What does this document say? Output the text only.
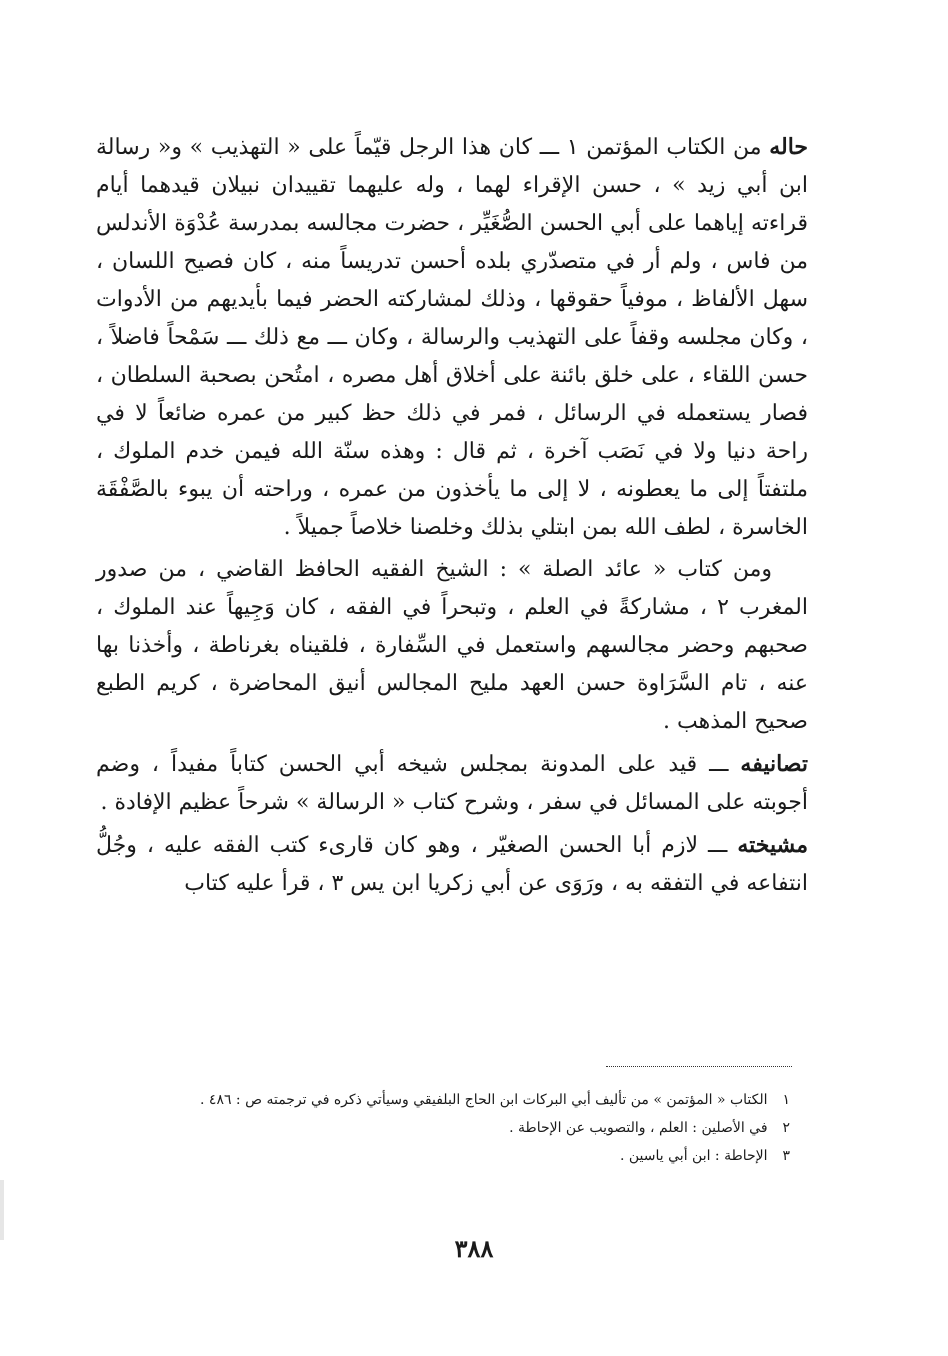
حاله من الكتاب المؤتمن ١ ـــ كان هذا الرجل قيّماً على « التهذيب » و« رسالة ابن أبي زيد » ، حسن الإقراء لهما ، وله عليهما تقييدان نبيلان قيدهما أيام قراءته إياهما على أبي الحسن الصُّغَيِّر ، حضرت مجالسه بمدرسة عُدْوَة الأندلس من فاس ، ولم أر في متصدّري بلده أحسن تدريساً منه ، كان فصيح اللسان ، سهل الألفاظ ، موفياً حقوقها ، وذلك لمشاركته الحضر فيما بأيديهم من الأدوات ، وكان مجلسه وقفاً على التهذيب والرسالة ، وكان ـــ مع ذلك ـــ سَمْحاً فاضلاً ، حسن اللقاء ، على خلق بائنة على أخلاق أهل مصره ، امتُحن بصحبة السلطان ، فصار يستعمله في الرسائل ، فمر في ذلك حظ كبير من عمره ضائعاً لا في راحة دنيا ولا في نَصَب آخرة ، ثم قال : وهذه سنّة الله فيمن خدم الملوك ، ملتفتاً إلى ما يعطونه ، لا إلى ما يأخذون من عمره ، وراحته أن يبوء بالصَّفْقَة الخاسرة ، لطف الله بمن ابتلي بذلك وخلصنا خلاصاً جميلاً .

ومن كتاب « عائد الصلة » : الشيخ الفقيه الحافظ القاضي ، من صدور المغرب ٢ ، مشاركةً في العلم ، وتبحراً في الفقه ، كان وَجِيهاً عند الملوك ، صحبهم وحضر مجالسهم واستعمل في السِّفارة ، فلقيناه بغرناطة ، وأخذنا بها عنه ، تام السَّرَاوة حسن العهد مليح المجالس أنيق المحاضرة ، كريم الطبع صحيح المذهب .

تصانيفه ـــ قيد على المدونة بمجلس شيخه أبي الحسن كتاباً مفيداً ، وضم أجوبته على المسائل في سفر ، وشرح كتاب « الرسالة » شرحاً عظيم الإفادة .

مشيخته ـــ لازم أبا الحسن الصغيّر ، وهو كان قارىء كتب الفقه عليه ، وجُلُّ انتفاعه في التفقه به ، ورَوَى عن أبي زكريا ابن يس ٣ ، قرأ عليه كتاب

١ الكتاب « المؤتمن » من تأليف أبي البركات ابن الحاج البلفيقي وسيأتي ذكره في ترجمته ص : ٤٨٦ .

٢ في الأصلين : العلم ، والتصويب عن الإحاطة .

٣ الإحاطة : ابن أبي ياسين .

٣٨٨
